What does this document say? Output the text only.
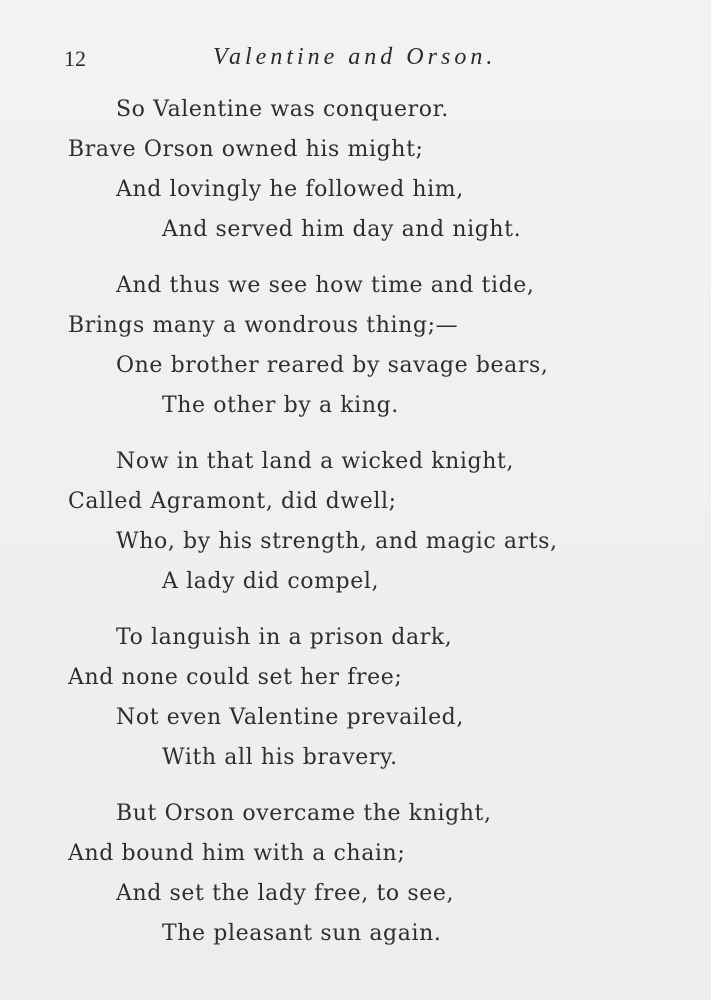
12	Valentine and Orson.
So Valentine was conqueror.
Brave Orson owned his might;
And lovingly he followed him,
And served him day and night.
And thus we see how time and tide,
Brings many a wondrous thing;—
One brother reared by savage bears,
The other by a king.
Now in that land a wicked knight,
Called Agramont, did dwell;
Who, by his strength, and magic arts,
A lady did compel,
To languish in a prison dark,
And none could set her free;
Not even Valentine prevailed,
With all his bravery.
But Orson overcame the knight,
And bound him with a chain;
And set the lady free, to see,
The pleasant sun again.
